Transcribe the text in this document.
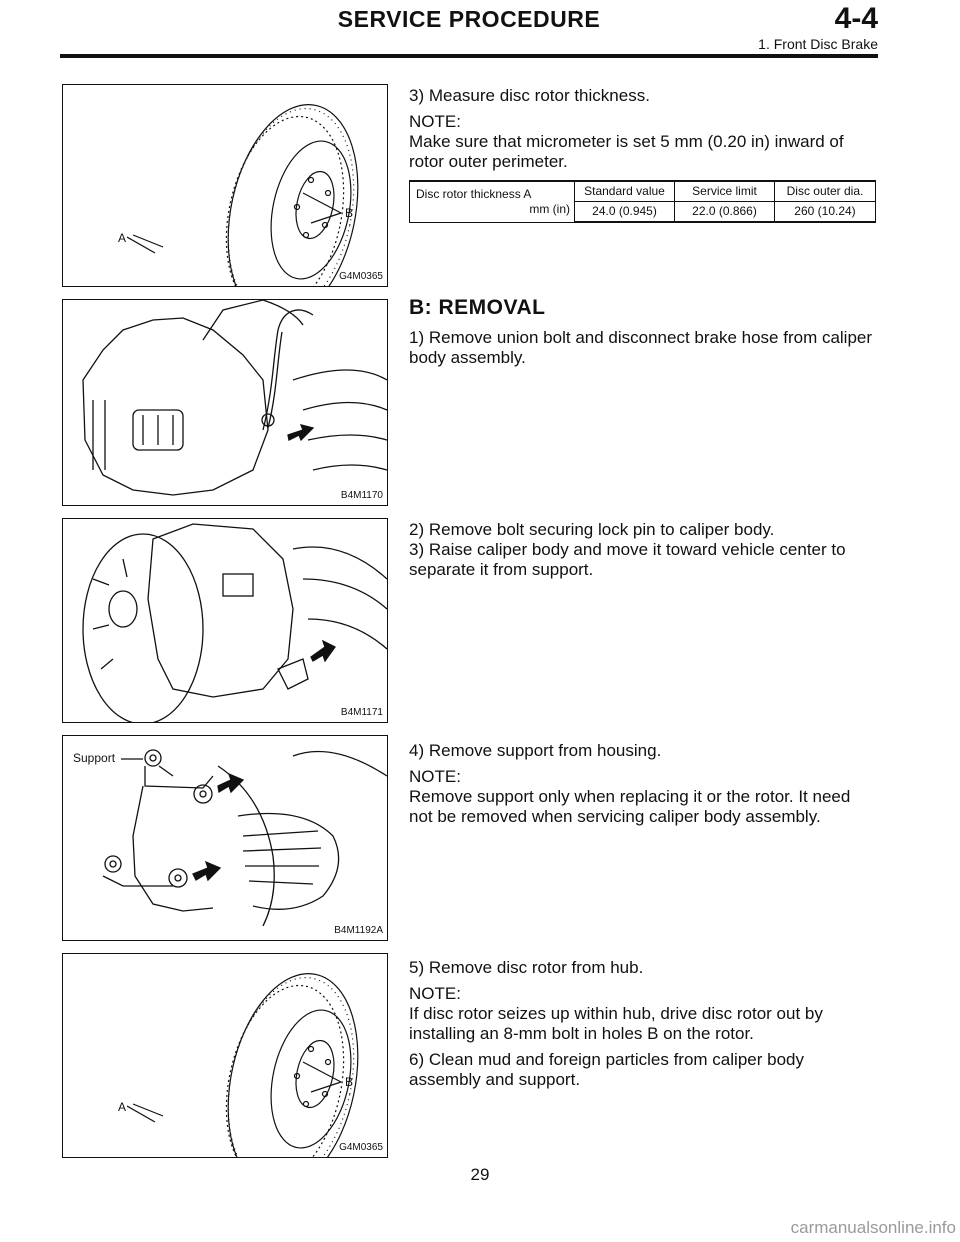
SERVICE PROCEDURE	4-4
1. Front Disc Brake
A
B
G4M0365
B4M1170
B4M1171
Support
B4M1192A
A
B
G4M0365

3) Measure disc rotor thickness.

NOTE:

Make sure that micrometer is set 5 mm (0.20 in) inward of rotor outer perimeter.

Disc rotor thickness A
mm (in)	Standard value	Service limit	Disc outer dia.
	24.0 (0.945)	22.0 (0.866)	260 (10.24)

B: REMOVAL

1) Remove union bolt and disconnect brake hose from caliper body assembly.

2) Remove bolt securing lock pin to caliper body.

3) Raise caliper body and move it toward vehicle center to separate it from support.

4) Remove support from housing.

NOTE:

Remove support only when replacing it or the rotor. It need not be removed when servicing caliper body assembly.

5) Remove disc rotor from hub.

NOTE:

If disc rotor seizes up within hub, drive disc rotor out by installing an 8-mm bolt in holes B on the rotor.

6) Clean mud and foreign particles from caliper body assembly and support.

29
carmanualsonline.info
